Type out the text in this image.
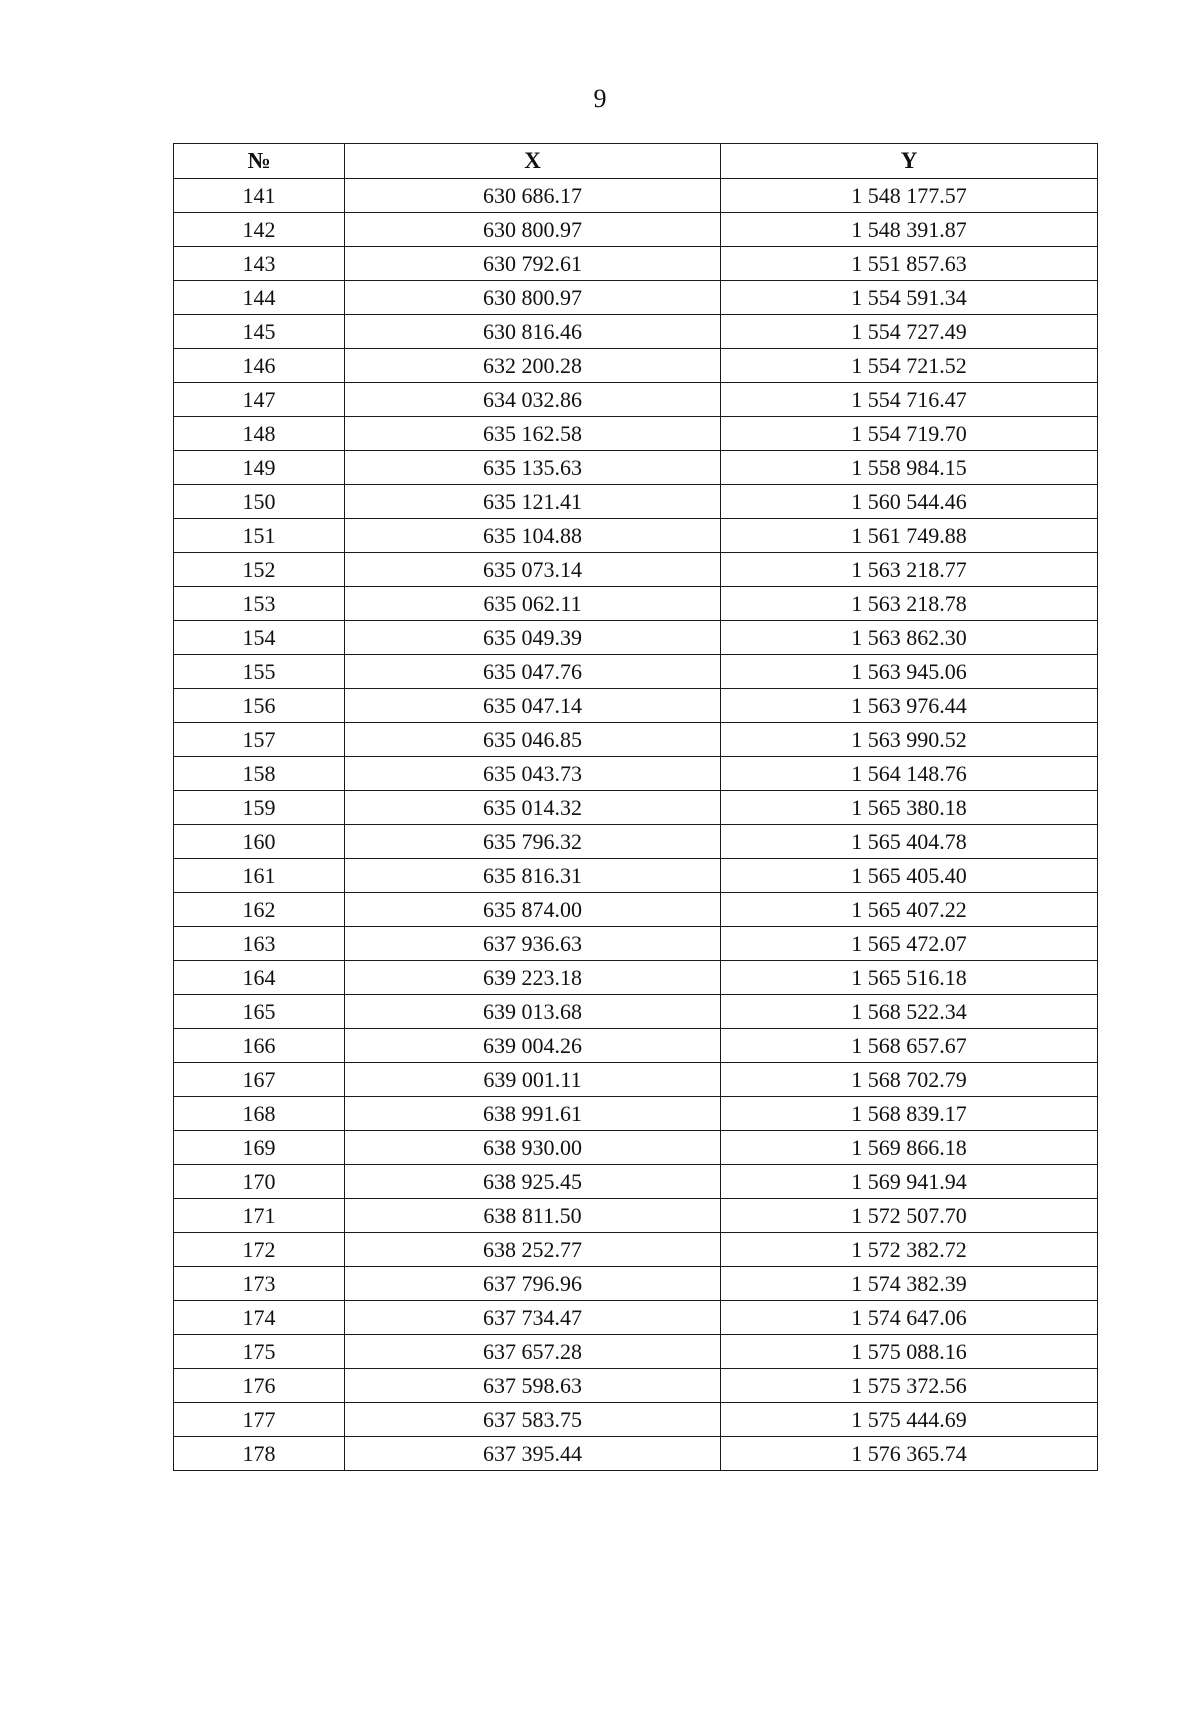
9
№	X	Y
141	630 686.17	1 548 177.57
142	630 800.97	1 548 391.87
143	630 792.61	1 551 857.63
144	630 800.97	1 554 591.34
145	630 816.46	1 554 727.49
146	632 200.28	1 554 721.52
147	634 032.86	1 554 716.47
148	635 162.58	1 554 719.70
149	635 135.63	1 558 984.15
150	635 121.41	1 560 544.46
151	635 104.88	1 561 749.88
152	635 073.14	1 563 218.77
153	635 062.11	1 563 218.78
154	635 049.39	1 563 862.30
155	635 047.76	1 563 945.06
156	635 047.14	1 563 976.44
157	635 046.85	1 563 990.52
158	635 043.73	1 564 148.76
159	635 014.32	1 565 380.18
160	635 796.32	1 565 404.78
161	635 816.31	1 565 405.40
162	635 874.00	1 565 407.22
163	637 936.63	1 565 472.07
164	639 223.18	1 565 516.18
165	639 013.68	1 568 522.34
166	639 004.26	1 568 657.67
167	639 001.11	1 568 702.79
168	638 991.61	1 568 839.17
169	638 930.00	1 569 866.18
170	638 925.45	1 569 941.94
171	638 811.50	1 572 507.70
172	638 252.77	1 572 382.72
173	637 796.96	1 574 382.39
174	637 734.47	1 574 647.06
175	637 657.28	1 575 088.16
176	637 598.63	1 575 372.56
177	637 583.75	1 575 444.69
178	637 395.44	1 576 365.74
